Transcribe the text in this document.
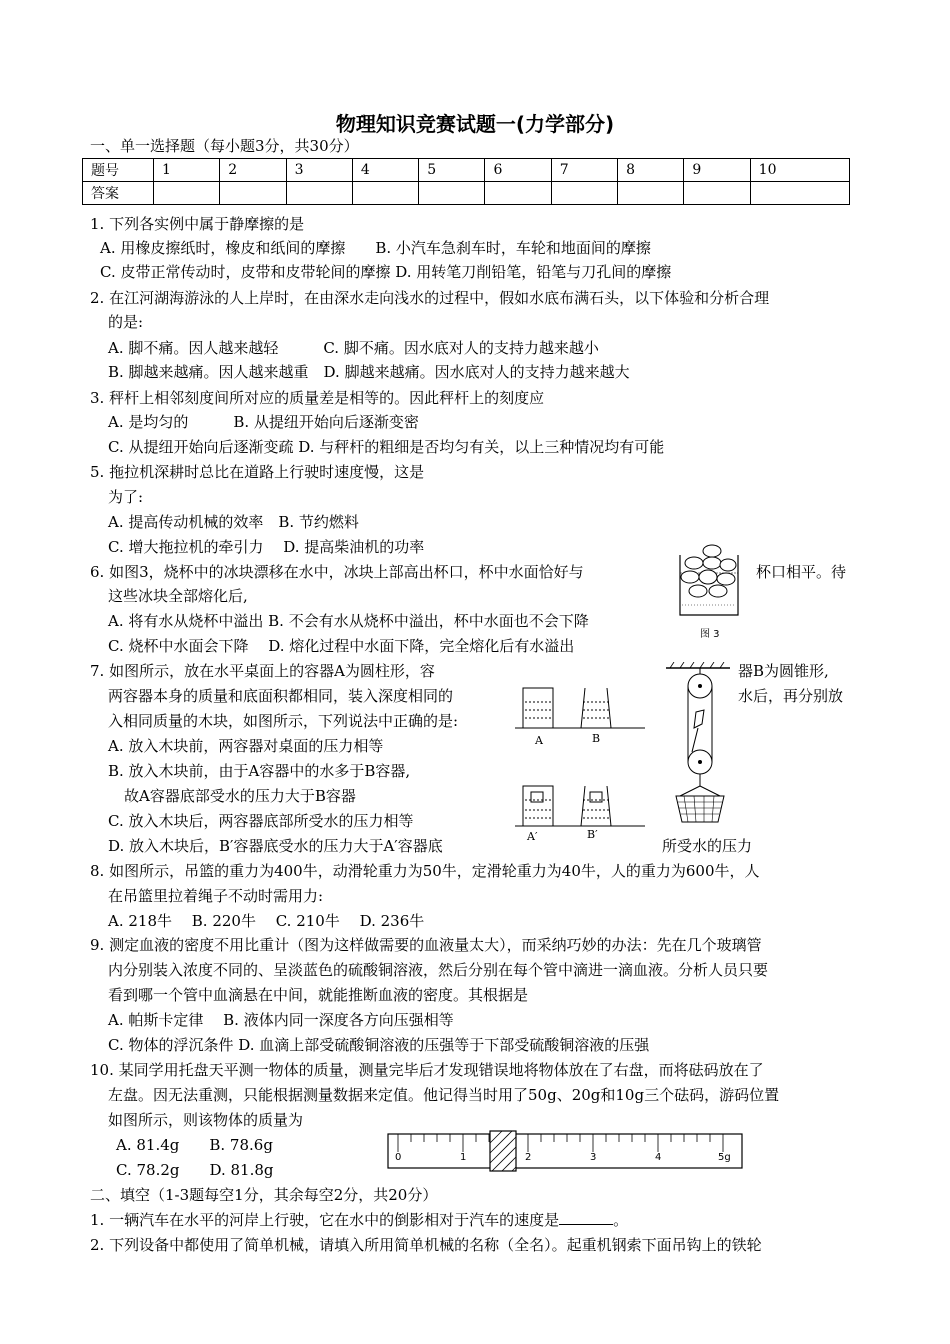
物理知识竞赛试题一(力学部分)
一、单一选择题（每小题3分，共30分）
题号	1	2	3	4	5	6	7	8	9	10
答案										
1. 下列各实例中属于静摩擦的是
A. 用橡皮擦纸时，橡皮和纸间的摩擦　　B. 小汽车急刹车时，车轮和地面间的摩擦
C. 皮带正常传动时，皮带和皮带轮间的摩擦 D. 用转笔刀削铅笔，铅笔与刀孔间的摩擦
2. 在江河湖海游泳的人上岸时，在由深水走向浅水的过程中，假如水底布满石头，以下体验和分析合理
的是:
A. 脚不痛。因人越来越轻　　　C. 脚不痛。因水底对人的支持力越来越小
B. 脚越来越痛。因人越来越重　D. 脚越来越痛。因水底对人的支持力越来越大
3. 秤杆上相邻刻度间所对应的质量差是相等的。因此秤杆上的刻度应
A. 是均匀的　　　B. 从提纽开始向后逐渐变密
C. 从提纽开始向后逐渐变疏 D. 与秤杆的粗细是否均匀有关，以上三种情况均有可能
5. 拖拉机深耕时总比在道路上行驶时速度慢，这是
为了:
A. 提高传动机械的效率　B. 节约燃料
C. 增大拖拉机的牵引力　 D. 提高柴油机的功率
6. 如图3，烧杯中的冰块漂移在水中，冰块上部高出杯口，杯中水面恰好与	杯口相平。待
这些冰块全部熔化后,
A. 将有水从烧杯中溢出 B. 不会有水从烧杯中溢出，杯中水面也不会下降
C. 烧杯中水面会下降　 D. 熔化过程中水面下降，完全熔化后有水溢出
7. 如图所示，放在水平桌面上的容器A为圆柱形，容	器B为圆锥形,
两容器本身的质量和底面积都相同，装入深度相同的	水后，再分别放
入相同质量的木块，如图所示，下列说法中正确的是:
A. 放入木块前，两容器对桌面的压力相等
B. 放入木块前，由于A容器中的水多于B容器,
故A容器底部受水的压力大于B容器
C. 放入木块后，两容器底部所受水的压力相等
D. 放入木块后，B′容器底受水的压力大于A′容器底	所受水的压力
8. 如图所示，吊篮的重力为400牛，动滑轮重力为50牛，定滑轮重力为40牛，人的重力为600牛，人
在吊篮里拉着绳子不动时需用力:
A. 218牛　 B. 220牛　 C. 210牛　 D. 236牛
9. 测定血液的密度不用比重计（图为这样做需要的血液量太大），而采纳巧妙的办法：先在几个玻璃管
内分别装入浓度不同的、呈淡蓝色的硫酸铜溶液，然后分别在每个管中滴进一滴血液。分析人员只要
看到哪一个管中血滴悬在中间，就能推断血液的密度。其根据是
A. 帕斯卡定律　 B. 液体内同一深度各方向压强相等
C. 物体的浮沉条件 D. 血滴上部受硫酸铜溶液的压强等于下部受硫酸铜溶液的压强
10. 某同学用托盘天平测一物体的质量，测量完毕后才发现错误地将物体放在了右盘，而将砝码放在了
左盘。因无法重测，只能根据测量数据来定值。他记得当时用了50g、20g和10g三个砝码，游码位置
如图所示，则该物体的质量为
A. 81.4g　　B. 78.6g
C. 78.2g　　D. 81.8g
二、填空（1-3题每空1分，其余每空2分，共20分）
1. 一辆汽车在水平的河岸上行驶，它在水中的倒影相对于汽车的速度是	。
2. 下列设备中都使用了简单机械，请填入所用简单机械的名称（全名）。起重机钢索下面吊钩上的铁轮
图 3
A	B
A′	B′
0	1	2	3	4	5g
